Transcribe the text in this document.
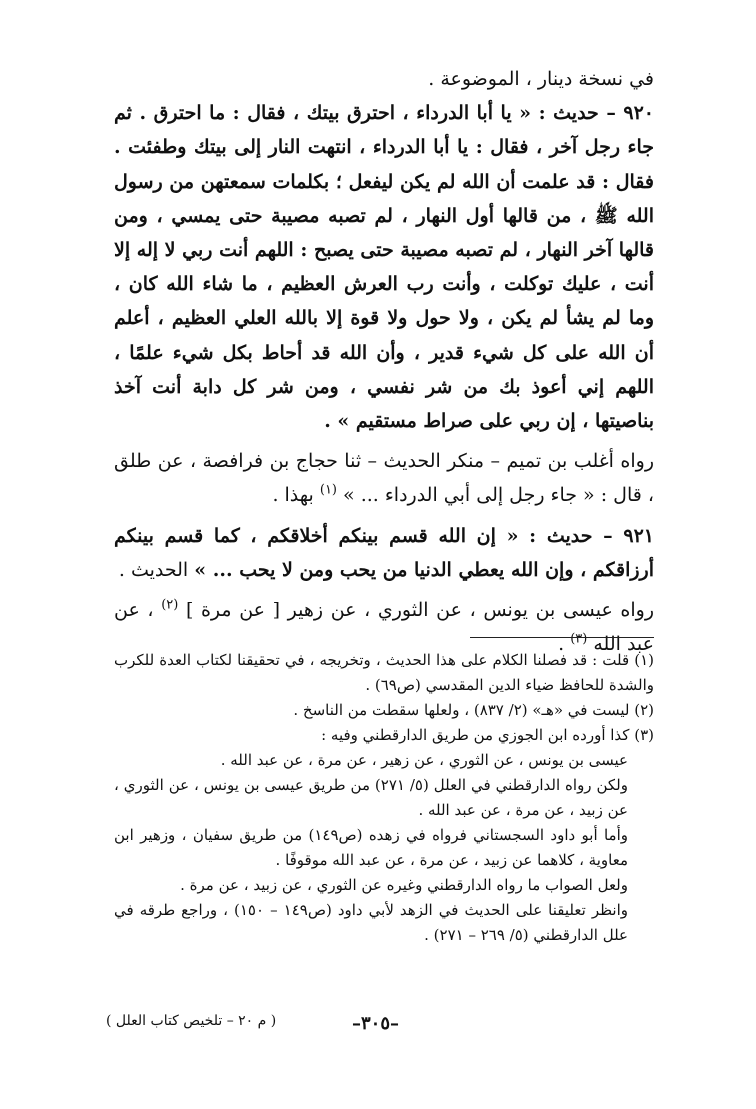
في نسخة دينار ، الموضوعة .

٩٢٠ – حديث : « يا أبا الدرداء ، احترق بيتك ، فقال : ما احترق . ثم جاء رجل آخر ، فقال : يا أبا الدرداء ، انتهت النار إلى بيتك وطفئت . فقال : قد علمت أن الله لم يكن ليفعل ؛ بكلمات سمعتهن من رسول الله ﷺ ، من قالها أول النهار ، لم تصبه مصيبة حتى يمسي ، ومن قالها آخر النهار ، لم تصبه مصيبة حتى يصبح : اللهم أنت ربي لا إله إلا أنت ، عليك توكلت ، وأنت رب العرش العظيم ، ما شاء الله كان ، وما لم يشأ لم يكن ، ولا حول ولا قوة إلا بالله العلي العظيم ، أعلم أن الله على كل شيء قدير ، وأن الله قد أحاط بكل شيء علمًا ، اللهم إني أعوذ بك من شر نفسي ، ومن شر كل دابة أنت آخذ بناصيتها ، إن ربي على صراط مستقيم » .

رواه أغلب بن تميم – منكر الحديث – ثنا حجاج بن فرافصة ، عن طلق ، قال : « جاء رجل إلى أبي الدرداء ... » $^{(١)}$ بهذا .

٩٢١ – حديث : « إن الله قسم بينكم أخلاقكم ، كما قسم بينكم أرزاقكم ، وإن الله يعطي الدنيا من يحب ومن لا يحب ... » الحديث .

رواه عيسى بن يونس ، عن الثوري ، عن زهير [ عن مرة ] $^{(٢)}$ ، عن عبد الله $^{(٣)}$ .

(١) قلت : قد فصلنا الكلام على هذا الحديث ، وتخريجه ، في تحقيقنا لكتاب العدة للكرب والشدة للحافظ ضياء الدين المقدسي (ص٦٩) .

(٢) ليست في «هـ» (٢/ ٨٣٧) ، ولعلها سقطت من الناسخ .

(٣) كذا أورده ابن الجوزي من طريق الدارقطني وفيه :

عيسى بن يونس ، عن الثوري ، عن زهير ، عن مرة ، عن عبد الله .

ولكن رواه الدارقطني في العلل (٥/ ٢٧١) من طريق عيسى بن يونس ، عن الثوري ، عن زبيد ، عن مرة ، عن عبد الله .

وأما أبو داود السجستاني فرواه في زهده (ص١٤٩) من طريق سفيان ، وزهير ابن معاوية ، كلاهما عن زبيد ، عن مرة ، عن عبد الله موقوفًا .

ولعل الصواب ما رواه الدارقطني وغيره عن الثوري ، عن زبيد ، عن مرة .

وانظر تعليقنا على الحديث في الزهد لأبي داود (ص١٤٩ – ١٥٠) ، وراجع طرقه في علل الدارقطني (٥/ ٢٦٩ – ٢٧١) .

( م ٢٠ – تلخيص كتاب العلل )	–٣٠٥–
